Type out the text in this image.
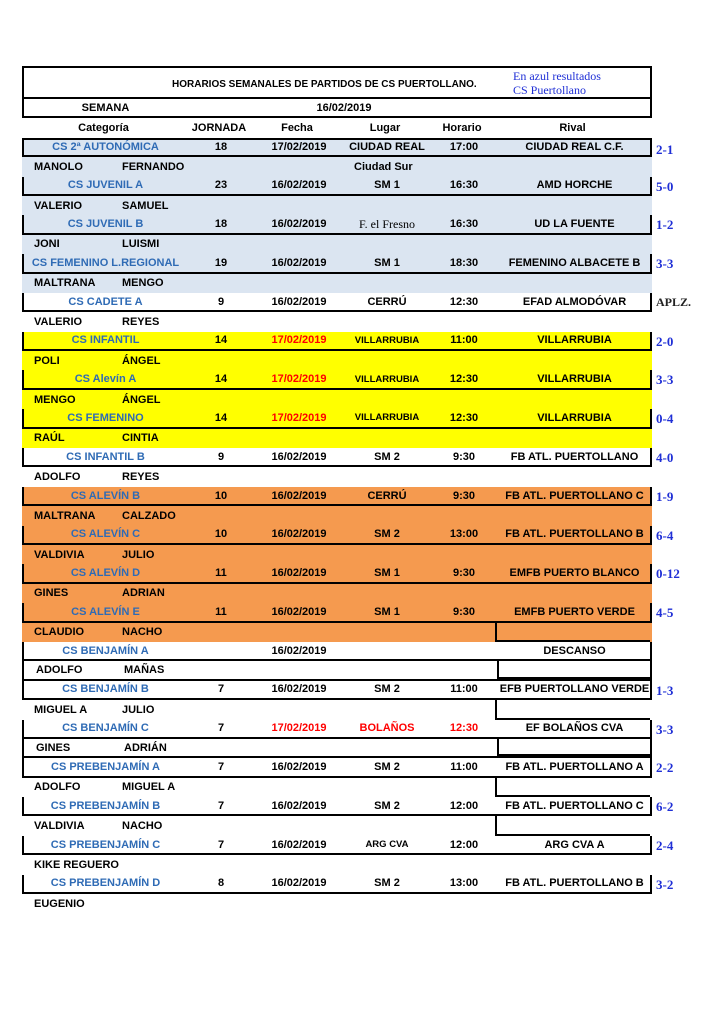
HORARIOS SEMANALES DE PARTIDOS DE CS PUERTOLLANO.
En azul resultados
CS Puertollano
SEMANA	16/02/2019
Categoría	JORNADA	Fecha	Lugar	Horario	Rival
CS 2ª AUTONÓMICA	18	17/02/2019	CIUDAD REAL	17:00	CIUDAD REAL C.F.	2-1
MANOLO	FERNANDO	Ciudad Sur
CS JUVENIL A	23	16/02/2019	SM 1	16:30	AMD HORCHE	5-0
VALERIO	SAMUEL
CS JUVENIL B	18	16/02/2019	F. el Fresno	16:30	UD LA FUENTE	1-2
JONI	LUISMI
CS FEMENINO L.REGIONAL	19	16/02/2019	SM 1	18:30	FEMENINO ALBACETE B	3-3
MALTRANA MENGO
CS CADETE A	9	16/02/2019	CERRÚ	12:30	EFAD ALMODÓVAR	APLZ.
VALERIO	REYES
CS INFANTIL	14	17/02/2019	VILLARRUBIA	11:00	VILLARRUBIA	2-0
POLI	ÁNGEL
CS Alevín A	14	17/02/2019	VILLARRUBIA	12:30	VILLARRUBIA	3-3
MENGO	ÁNGEL
CS FEMENINO	14	17/02/2019	VILLARRUBIA	12:30	VILLARRUBIA	0-4
RAÚL	CINTIA
CS INFANTIL B	9	16/02/2019	SM 2	9:30	FB ATL. PUERTOLLANO	4-0
ADOLFO	REYES
CS ALEVÍN B	10	16/02/2019	CERRÚ	9:30	FB ATL. PUERTOLLANO C 1-9
MALTRANA CALZADO
CS ALEVÍN C	10	16/02/2019	SM 2	13:00	FB ATL. PUERTOLLANO B 6-4
VALDIVIA	JULIO
CS ALEVÍN D	11	16/02/2019	SM 1	9:30	EMFB PUERTO BLANCO	0-12
GINES	ADRIAN
CS ALEVÍN E	11	16/02/2019	SM 1	9:30	EMFB PUERTO VERDE	4-5
CLAUDIO	NACHO
CS BENJAMÍN A	16/02/2019	DESCANSO
ADOLFO	MAÑAS
CS BENJAMÍN B	7	16/02/2019	SM 2	11:00	EFB PUERTOLLANO VERDE 1-3
MIGUEL A	JULIO
CS BENJAMÍN C	7	17/02/2019	BOLAÑOS	12:30	EF BOLAÑOS CVA	3-3
GINES	ADRIÁN
CS PREBENJAMÍN A	7	16/02/2019	SM 2	11:00	FB ATL. PUERTOLLANO A 2-2
ADOLFO	MIGUEL A
CS PREBENJAMÍN B	7	16/02/2019	SM 2	12:00	FB ATL. PUERTOLLANO C 6-2
VALDIVIA	NACHO
CS PREBENJAMÍN C	7	16/02/2019	ARG CVA	12:00	ARG CVA A	2-4
KIKE REGUERO
CS PREBENJAMÍN D	8	16/02/2019	SM 2	13:00	FB ATL. PUERTOLLANO B 3-2
EUGENIO
